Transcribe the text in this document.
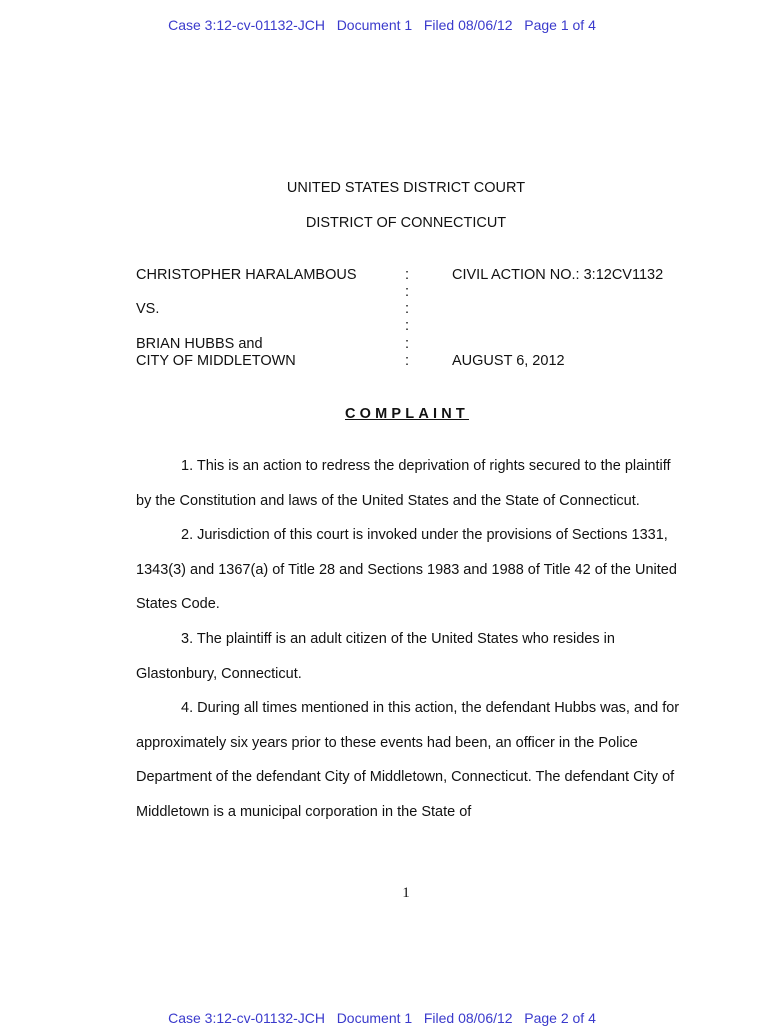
Case 3:12-cv-01132-JCH   Document 1   Filed 08/06/12   Page 1 of 4
UNITED STATES DISTRICT COURT
DISTRICT OF CONNECTICUT
CHRISTOPHER HARALAMBOUS
VS.
BRIAN HUBBS and
CITY OF MIDDLETOWN
:
:
:
:
:
:
CIVIL ACTION NO.: 3:12CV1132
AUGUST 6, 2012
COMPLAINT

1. This is an action to redress the deprivation of rights secured to the plaintiff by the Constitution and laws of the United States and the State of Connecticut.

2. Jurisdiction of this court is invoked under the provisions of Sections 1331, 1343(3) and 1367(a) of Title 28 and Sections 1983 and 1988 of Title 42 of the United States Code.

3. The plaintiff is an adult citizen of the United States who resides in Glastonbury, Connecticut.

4. During all times mentioned in this action, the defendant Hubbs was, and for approximately six years prior to these events had been, an officer in the Police Department of the defendant City of Middletown, Connecticut. The defendant City of Middletown is a municipal corporation in the State of

1
Case 3:12-cv-01132-JCH   Document 1   Filed 08/06/12   Page 2 of 4
